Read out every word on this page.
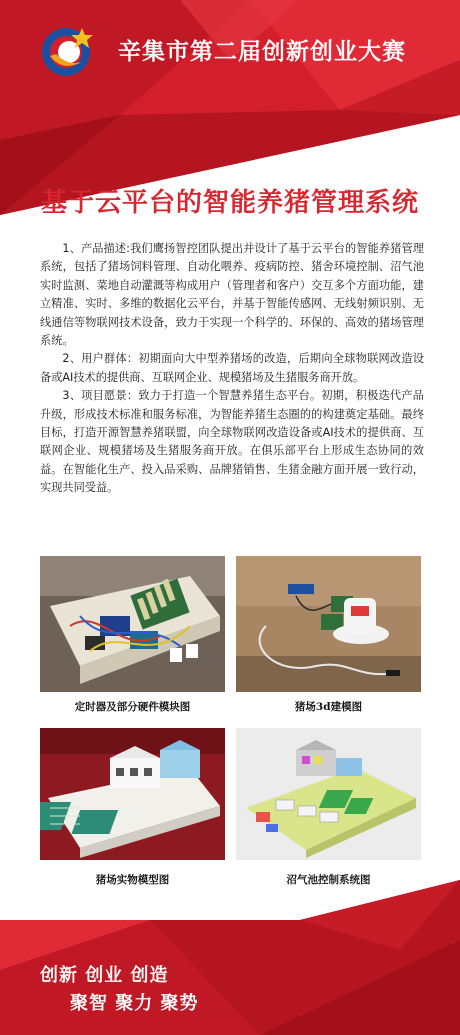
辛集市第二届创新创业大赛
基于云平台的智能养猪管理系统

1、产品描述:我们鹰扬智控团队提出并设计了基于云平台的智能养猪管理系统，包括了猪场饲料管理、自动化喂养、疫病防控、猪舍环境控制、沼气池实时监测、菜地自动灌溉等构成用户（管理者和客户）交互多个方面功能，建立精准、实时、多维的数据化云平台，并基于智能传感网、无线射频识别、无线通信等物联网技术设备，致力于实现一个科学的、环保的、高效的猪场管理系统。

2、用户群体：初期面向大中型养猪场的改造，后期向全球物联网改造设备或AI技术的提供商、互联网企业、规模猪场及生猪服务商开放。

3、项目愿景：致力于打造一个智慧养猪生态平台。初期，积极迭代产品升级，形成技术标准和服务标准，为智能养猪生态圈的的构建奠定基础。最终目标，打造开源智慧养猪联盟，向全球物联网改造设备或AI技术的提供商、互联网企业、规模猪场及生猪服务商开放。在俱乐部平台上形成生态协同的效益。在智能化生产、投入品采购、品牌猪销售、生猪金融方面开展一致行动，实现共同受益。

定时器及部分硬件模块图	猪场3d建模图
猪场实物模型图	沼气池控制系统图
创新 创业 创造
聚智 聚力 聚势
